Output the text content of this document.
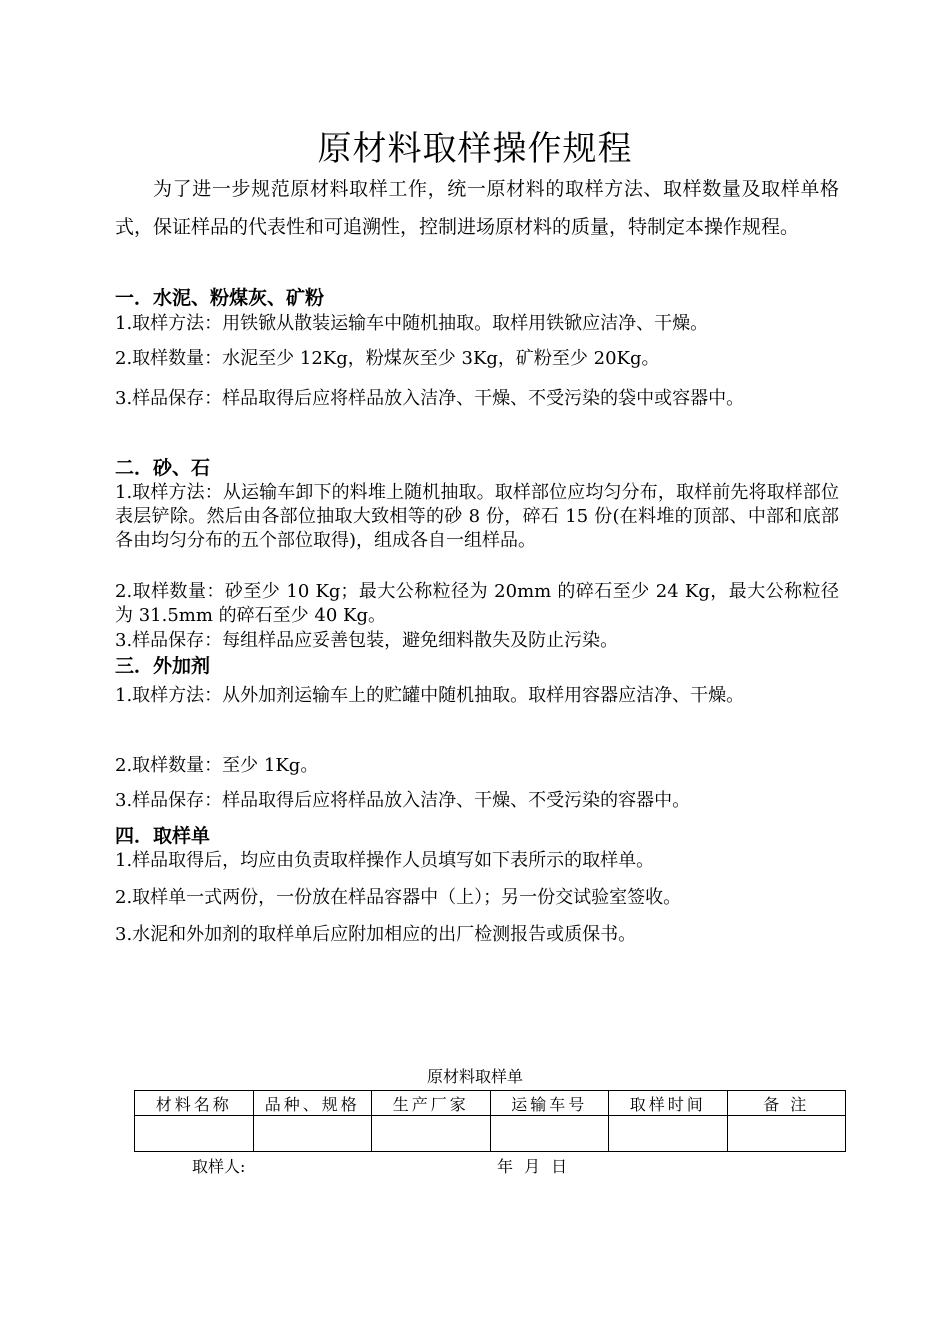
原材料取样操作规程
为了进一步规范原材料取样工作，统一原材料的取样方法、取样数量及取样单格式，保证样品的代表性和可追溯性，控制进场原材料的质量，特制定本操作规程。
一．水泥、粉煤灰、矿粉
1.取样方法：用铁锨从散装运输车中随机抽取。取样用铁锨应洁净、干燥。
2.取样数量：水泥至少 12Kg，粉煤灰至少 3Kg，矿粉至少 20Kg。
3.样品保存：样品取得后应将样品放入洁净、干燥、不受污染的袋中或容器中。
二．砂、石
1.取样方法：从运输车卸下的料堆上随机抽取。取样部位应均匀分布，取样前先将取样部位表层铲除。然后由各部位抽取大致相等的砂 8 份，碎石 15 份(在料堆的顶部、中部和底部各由均匀分布的五个部位取得)，组成各自一组样品。
2.取样数量：砂至少 10 Kg；最大公称粒径为 20mm 的碎石至少 24 Kg，最大公称粒径为 31.5mm 的碎石至少 40 Kg。
3.样品保存：每组样品应妥善包装，避免细料散失及防止污染。
三．外加剂
1.取样方法：从外加剂运输车上的贮罐中随机抽取。取样用容器应洁净、干燥。
2.取样数量：至少 1Kg。
3.样品保存：样品取得后应将样品放入洁净、干燥、不受污染的容器中。
四．取样单
1.样品取得后，均应由负责取样操作人员填写如下表所示的取样单。
2.取样单一式两份，一份放在样品容器中（上）；另一份交试验室签收。
3.水泥和外加剂的取样单后应附加相应的出厂检测报告或质保书。
原材料取样单
材料名称	品种、规格	生产厂家	运输车号	取样时间	备 注

取样人:	年 月 日
